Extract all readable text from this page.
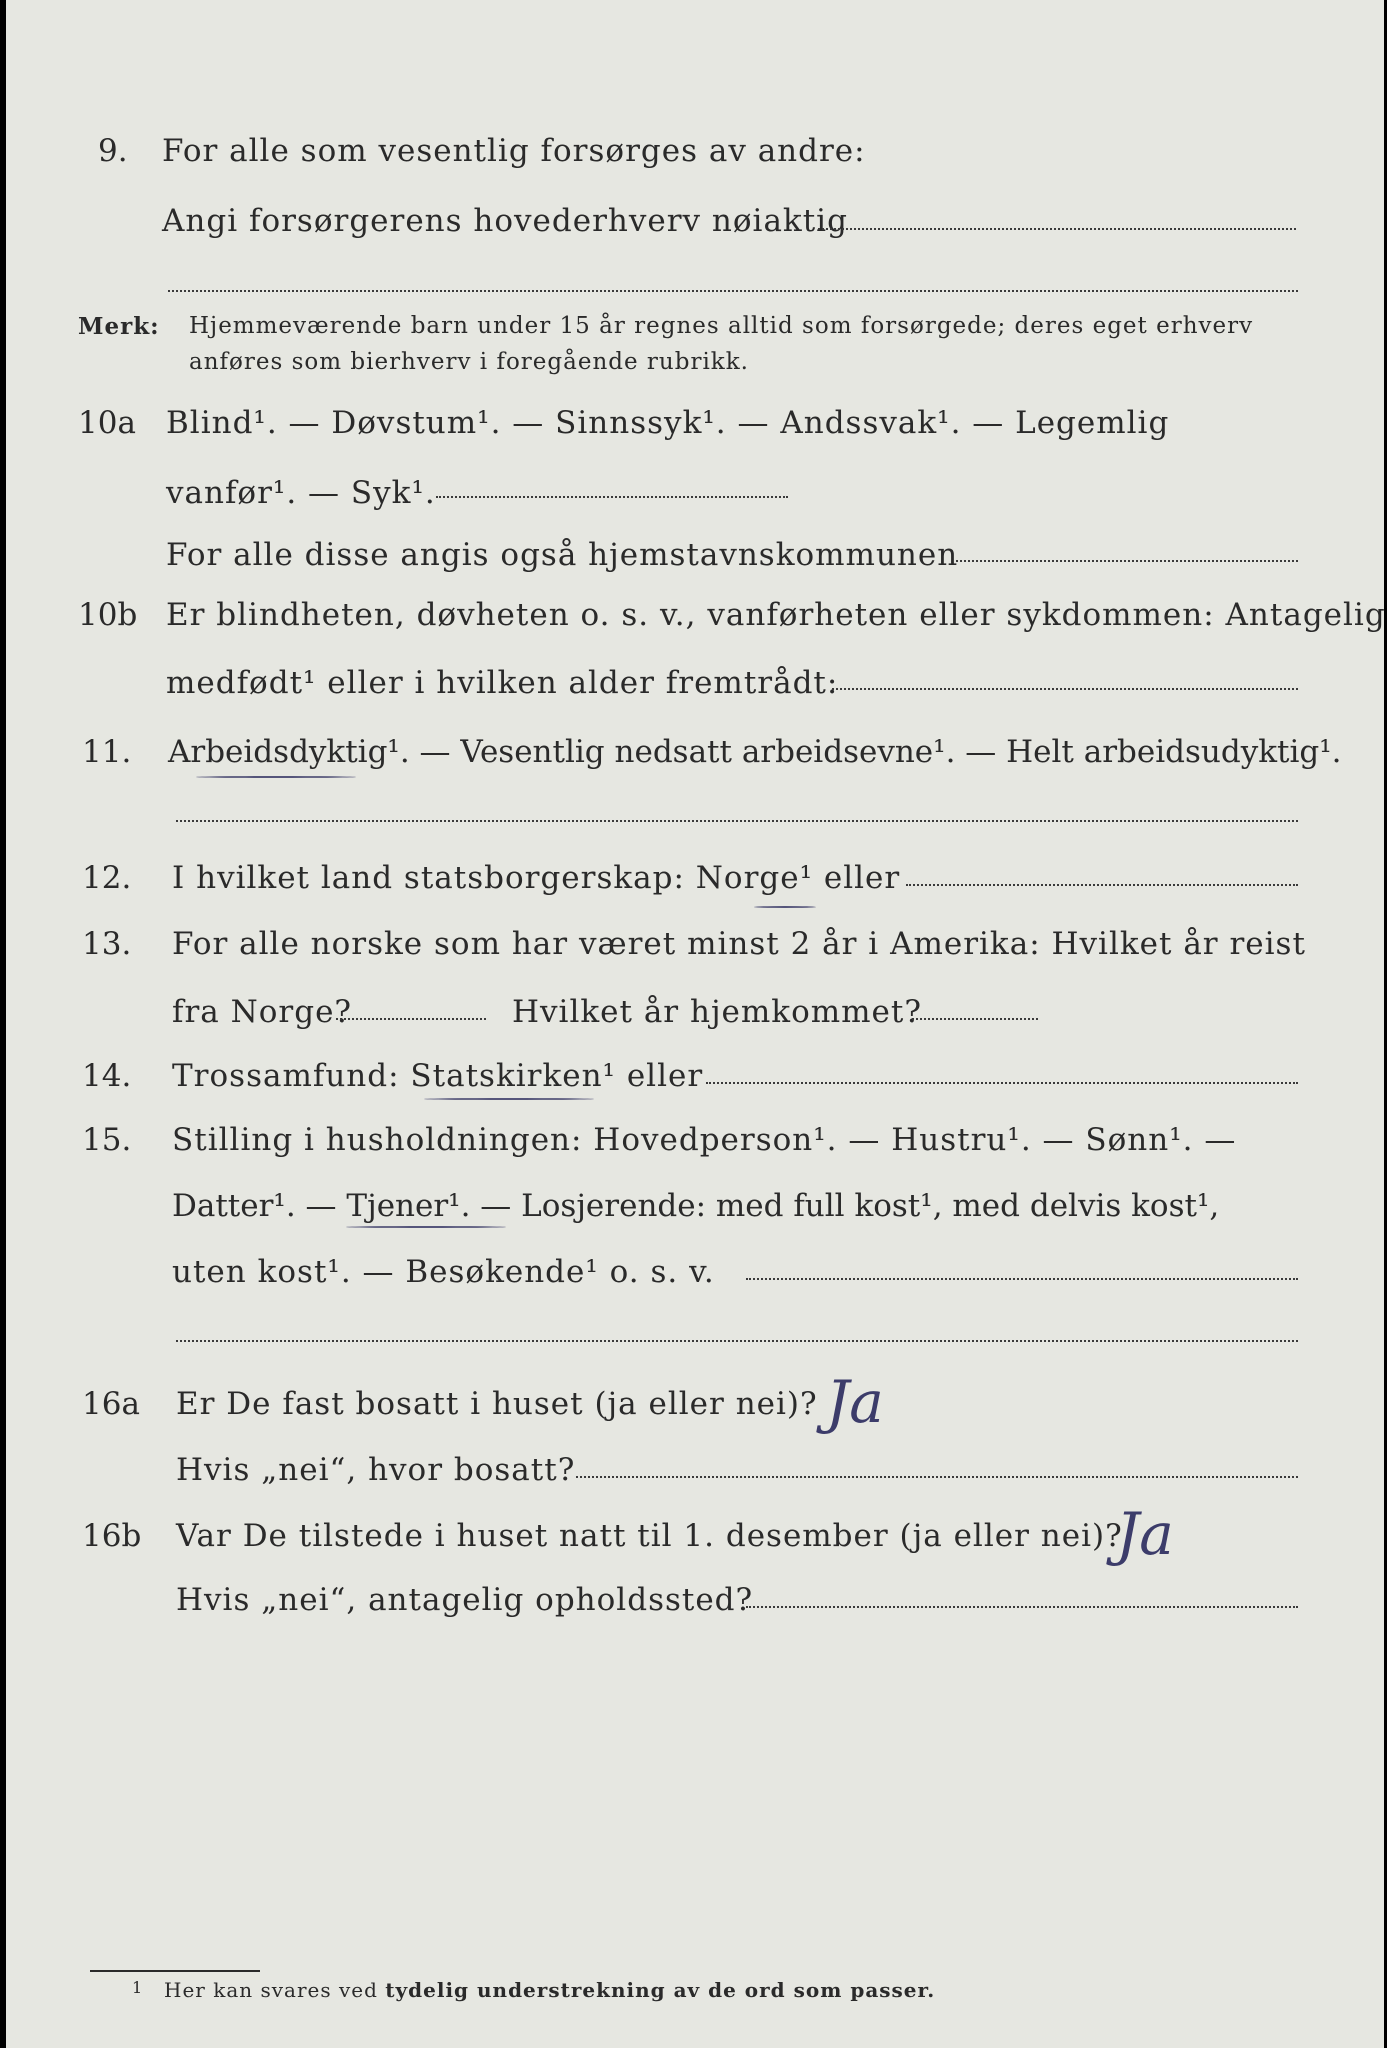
9. For alle som vesentlig forsørges av andre:
Angi forsørgerens hovederhverv nøiaktig
Merk: Hjemmeværende barn under 15 år regnes alltid som forsørgede; deres eget erhverv
anføres som bierhverv i foregående rubrikk.
10a Blind¹. — Døvstum¹. — Sinnssyk¹. — Andssvak¹. — Legemlig
vanfør¹. — Syk¹.
For alle disse angis også hjemstavnskommunen
10b Er blindheten, døvheten o. s. v., vanførheten eller sykdommen: Antagelig
medfødt¹ eller i hvilken alder fremtrådt:
11. Arbeidsdyktig¹. — Vesentlig nedsatt arbeidsevne¹. — Helt arbeidsudyktig¹.
12. I hvilket land statsborgerskap: Norge¹ eller
13. For alle norske som har været minst 2 år i Amerika: Hvilket år reist
fra Norge?	Hvilket år hjemkommet?
14. Trossamfund: Statskirken¹ eller
15. Stilling i husholdningen: Hovedperson¹. — Hustru¹. — Sønn¹. —
Datter¹. — Tjener¹. — Losjerende: med full kost¹, med delvis kost¹,
uten kost¹. — Besøkende¹ o. s. v.
16a Er De fast bosatt i huset (ja eller nei)? Ja
Hvis „nei“, hvor bosatt?
16b Var De tilstede i huset natt til 1. desember (ja eller nei)?
Ja
Hvis „nei“, antagelig opholdssted?
1 Her kan svares ved tydelig understrekning av de ord som passer.
